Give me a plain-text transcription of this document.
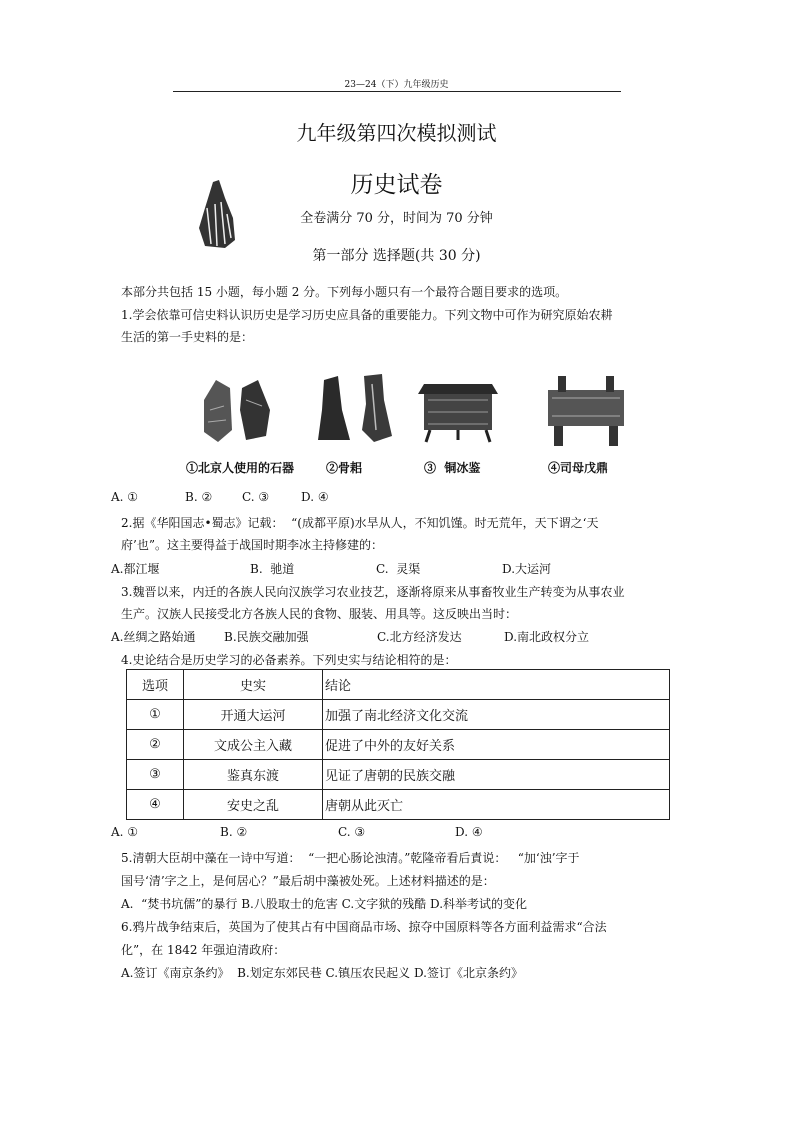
23—24（下）九年级历史
九年级第四次模拟测试
历史试卷
全卷满分 70 分，时间为 70 分钟
第一部分 选择题(共 30 分)
本部分共包括 15 小题，每小题 2 分。下列每小题只有一个最符合题目要求的选项。
1.学会依靠可信史料认识历史是学习历史应具备的重要能力。下列文物中可作为研究原始农耕
生活的第一手史料的是：
①北京人使用的石器	②骨耜	③  铜冰鉴	④司母戊鼎
A. ①	B. ② C. ③	D. ④
2.据《华阳国志•蜀志》记载：  “(成都平原)水旱从人，不知饥馑。时无荒年，天下谓之‘天
府’也”。这主要得益于战国时期李冰主持修建的：
A.都江堰	B.  驰道	C.  灵渠	D.大运河
3.魏晋以来，内迁的各族人民向汉族学习农业技艺，逐渐将原来从事畜牧业生产转变为从事农业
生产。汉族人民接受北方各族人民的食物、服装、用具等。这反映出当时：
A.丝绸之路始通 B.民族交融加强	C.北方经济发达	D.南北政权分立
4.史论结合是历史学习的必备素养。下列史实与结论相符的是：
选项	史实	结论
①	开通大运河	加强了南北经济文化交流
②	文成公主入藏	促进了中外的友好关系
③	鉴真东渡	见证了唐朝的民族交融
④	安史之乱	唐朝从此灭亡
A. ①	B. ②	C. ③	D. ④
5.清朝大臣胡中藻在一诗中写道：  “一把心肠论浊清。”乾隆帝看后責说：   “加‘浊’字于
国号‘清’字之上，是何居心？”最后胡中藻被处死。上述材料描述的是：
A.  “焚书坑儒”的暴行 B.八股取士的危害 C.文字狱的残酷 D.科举考试的变化
6.鸦片战争结束后，英国为了使其占有中国商品市场、掠夺中国原料等各方面利益需求“合法
化”，在 1842 年强迫清政府：
A.签订《南京条约》  B.划定东郊民巷 C.镇压农民起义 D.签订《北京条约》
